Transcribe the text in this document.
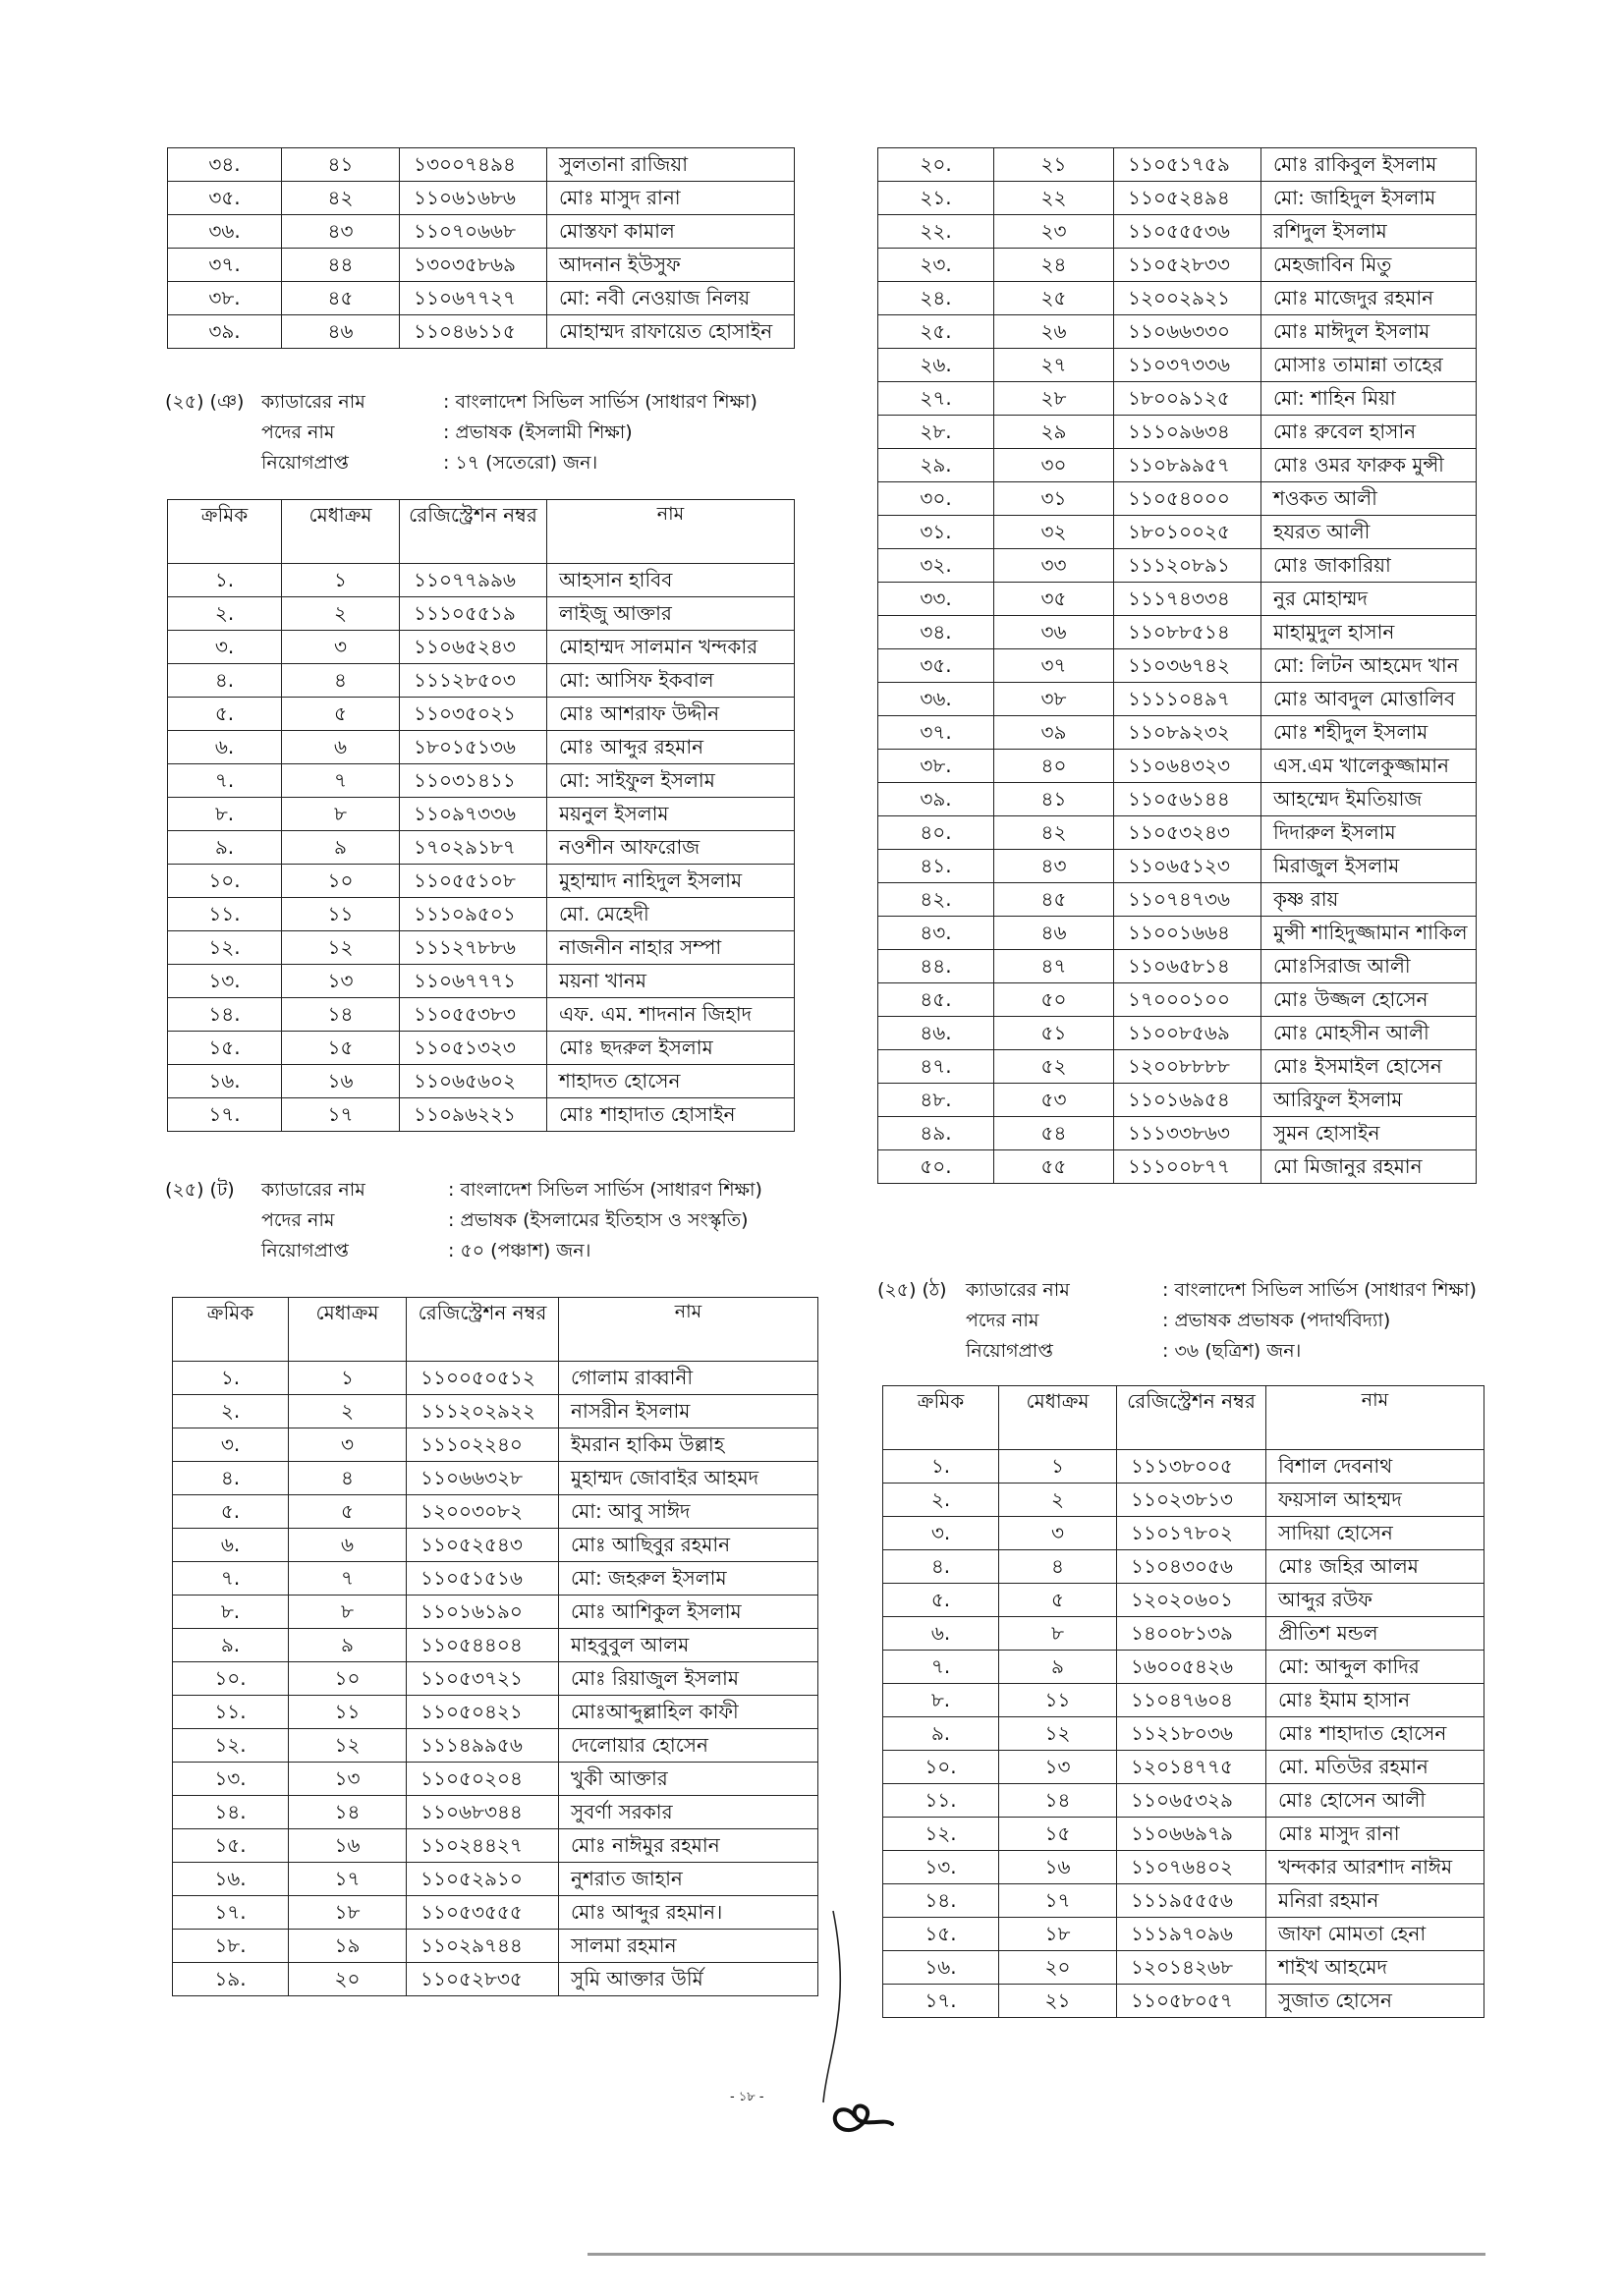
৩৪.	৪১	১৩০০৭৪৯৪	সুলতানা রাজিয়া
৩৫.	৪২	১১০৬১৬৮৬	মোঃ মাসুদ রানা
৩৬.	৪৩	১১০৭০৬৬৮	মোস্তফা কামাল
৩৭.	৪৪	১৩০৩৫৮৬৯	আদনান ইউসুফ
৩৮.	৪৫	১১০৬৭৭২৭	মো: নবী নেওয়াজ নিলয়
৩৯.	৪৬	১১০৪৬১১৫	মোহাম্মদ রাফায়েত হোসাইন
(২৫) (ঞ) ক্যাডারের নাম	: বাংলাদেশ সিভিল সার্ভিস (সাধারণ শিক্ষা)
পদের নাম	: প্রভাষক (ইসলামী শিক্ষা)
নিয়োগপ্রাপ্ত	: ১৭ (সতেরো) জন।
ক্রমিক	মেধাক্রম	রেজিস্ট্রেশন নম্বর	নাম
১.	১	১১০৭৭৯৯৬	আহসান হাবিব
২.	২	১১১০৫৫১৯	লাইজু আক্তার
৩.	৩	১১০৬৫২৪৩	মোহাম্মদ সালমান খন্দকার
৪.	৪	১১১২৮৫০৩	মো: আসিফ ইকবাল
৫.	৫	১১০৩৫০২১	মোঃ আশরাফ উদ্দীন
৬.	৬	১৮০১৫১৩৬	মোঃ আব্দুর রহমান
৭.	৭	১১০৩১৪১১	মো: সাইফুল ইসলাম
৮.	৮	১১০৯৭৩৩৬	ময়নুল ইসলাম
৯.	৯	১৭০২৯১৮৭	নওশীন আফরোজ
১০.	১০	১১০৫৫১০৮	মুহাম্মাদ নাহিদুল ইসলাম
১১.	১১	১১১০৯৫০১	মো. মেহেদী
১২.	১২	১১১২৭৮৮৬	নাজনীন নাহার সম্পা
১৩.	১৩	১১০৬৭৭৭১	ময়না খানম
১৪.	১৪	১১০৫৫৩৮৩	এফ. এম. শাদনান জিহাদ
১৫.	১৫	১১০৫১৩২৩	মোঃ ছদরুল ইসলাম
১৬.	১৬	১১০৬৫৬০২	শাহাদত হোসেন
১৭.	১৭	১১০৯৬২২১	মোঃ শাহাদাত হোসাইন
(২৫) (ট)	ক্যাডারের নাম	: বাংলাদেশ সিভিল সার্ভিস (সাধারণ শিক্ষা)
পদের নাম	: প্রভাষক (ইসলামের ইতিহাস ও সংস্কৃতি)
নিয়োগপ্রাপ্ত	: ৫০ (পঞ্চাশ) জন।
ক্রমিক	মেধাক্রম	রেজিস্ট্রেশন নম্বর	নাম
১.	১	১১০০৫০৫১২	গোলাম রাব্বানী
২.	২	১১১২০২৯২২	নাসরীন ইসলাম
৩.	৩	১১১০২২৪০	ইমরান হাকিম উল্লাহ
৪.	৪	১১০৬৬৩২৮	মুহাম্মদ জোবাইর আহমদ
৫.	৫	১২০০৩০৮২	মো: আবু সাঈদ
৬.	৬	১১০৫২৫৪৩	মোঃ আছিবুর রহমান
৭.	৭	১১০৫১৫১৬	মো: জহরুল ইসলাম
৮.	৮	১১০১৬১৯০	মোঃ আশিকুল ইসলাম
৯.	৯	১১০৫৪৪০৪	মাহবুবুল আলম
১০.	১০	১১০৫৩৭২১	মোঃ রিয়াজুল ইসলাম
১১.	১১	১১০৫০৪২১	মোঃআব্দুল্লাহিল কাফী
১২.	১২	১১১৪৯৯৫৬	দেলোয়ার হোসেন
১৩.	১৩	১১০৫০২০৪	খুকী আক্তার
১৪.	১৪	১১০৬৮৩৪৪	সুবর্ণা সরকার
১৫.	১৬	১১০২৪৪২৭	মোঃ নাঈমুর রহমান
১৬.	১৭	১১০৫২৯১০	নুশরাত জাহান
১৭.	১৮	১১০৫৩৫৫৫	মোঃ আব্দুর রহমান।
১৮.	১৯	১১০২৯৭৪৪	সালমা রহমান
১৯.	২০	১১০৫২৮৩৫	সুমি আক্তার উর্মি
২০.	২১	১১০৫১৭৫৯	মোঃ রাকিবুল ইসলাম
২১.	২২	১১০৫২৪৯৪	মো: জাহিদুল ইসলাম
২২.	২৩	১১০৫৫৫৩৬	রশিদুল ইসলাম
২৩.	২৪	১১০৫২৮৩৩	মেহজাবিন মিতু
২৪.	২৫	১২০০২৯২১	মোঃ মাজেদুর রহমান
২৫.	২৬	১১০৬৬৩৩০	মোঃ মাঈদুল ইসলাম
২৬.	২৭	১১০৩৭৩৩৬	মোসাঃ তামান্না তাহের
২৭.	২৮	১৮০০৯১২৫	মো: শাহিন মিয়া
২৮.	২৯	১১১০৯৬৩৪	মোঃ রুবেল হাসান
২৯.	৩০	১১০৮৯৯৫৭	মোঃ ওমর ফারুক মুন্সী
৩০.	৩১	১১০৫৪০০০	শওকত আলী
৩১.	৩২	১৮০১০০২৫	হযরত আলী
৩২.	৩৩	১১১২০৮৯১	মোঃ জাকারিয়া
৩৩.	৩৫	১১১৭৪৩৩৪	নুর মোহাম্মদ
৩৪.	৩৬	১১০৮৮৫১৪	মাহামুদুল হাসান
৩৫.	৩৭	১১০৩৬৭৪২	মো: লিটন আহমেদ খান
৩৬.	৩৮	১১১১০৪৯৭	মোঃ আবদুল মোত্তালিব
৩৭.	৩৯	১১০৮৯২৩২	মোঃ শহীদুল ইসলাম
৩৮.	৪০	১১০৬৪৩২৩	এস.এম খালেকুজ্জামান
৩৯.	৪১	১১০৫৬১৪৪	আহম্মেদ ইমতিয়াজ
৪০.	৪২	১১০৫৩২৪৩	দিদারুল ইসলাম
৪১.	৪৩	১১০৬৫১২৩	মিরাজুল ইসলাম
৪২.	৪৫	১১০৭৪৭৩৬	কৃষ্ণ রায়
৪৩.	৪৬	১১০০১৬৬৪	মুন্সী শাহিদুজ্জামান শাকিল
৪৪.	৪৭	১১০৬৫৮১৪	মোঃসিরাজ আলী
৪৫.	৫০	১৭০০০১০০	মোঃ উজ্জল হোসেন
৪৬.	৫১	১১০০৮৫৬৯	মোঃ মোহসীন আলী
৪৭.	৫২	১২০০৮৮৮৮	মোঃ ইসমাইল হোসেন
৪৮.	৫৩	১১০১৬৯৫৪	আরিফুল ইসলাম
৪৯.	৫৪	১১১৩৩৮৬৩	সুমন হোসাইন
৫০.	৫৫	১১১০০৮৭৭	মো মিজানুর রহমান
(২৫) (ঠ)	ক্যাডারের নাম	: বাংলাদেশ সিভিল সার্ভিস (সাধারণ শিক্ষা)
পদের নাম	: প্রভাষক প্রভাষক (পদার্থবিদ্যা)
নিয়োগপ্রাপ্ত	: ৩৬ (ছত্রিশ) জন।
ক্রমিক	মেধাক্রম	রেজিস্ট্রেশন নম্বর	নাম
১.	১	১১১৩৮০০৫	বিশাল দেবনাথ
২.	২	১১০২৩৮১৩	ফয়সাল আহম্মদ
৩.	৩	১১০১৭৮০২	সাদিয়া হোসেন
৪.	৪	১১০৪৩০৫৬	মোঃ জহির আলম
৫.	৫	১২০২০৬০১	আব্দুর রউফ
৬.	৮	১৪০০৮১৩৯	প্রীতিশ মন্ডল
৭.	৯	১৬০০৫৪২৬	মো: আব্দুল কাদির
৮.	১১	১১০৪৭৬০৪	মোঃ ইমাম হাসান
৯.	১২	১১২১৮০৩৬	মোঃ শাহাদাত হোসেন
১০.	১৩	১২০১৪৭৭৫	মো. মতিউর রহমান
১১.	১৪	১১০৬৫৩২৯	মোঃ হোসেন আলী
১২.	১৫	১১০৬৬৯৭৯	মোঃ মাসুদ রানা
১৩.	১৬	১১০৭৬৪০২	খন্দকার আরশাদ নাঈম
১৪.	১৭	১১১৯৫৫৫৬	মনিরা রহমান
১৫.	১৮	১১১৯৭০৯৬	জাফা মোমতা হেনা
১৬.	২০	১২০১৪২৬৮	শাইখ আহমেদ
১৭.	২১	১১০৫৮০৫৭	সুজাত হোসেন
- ১৮ -
